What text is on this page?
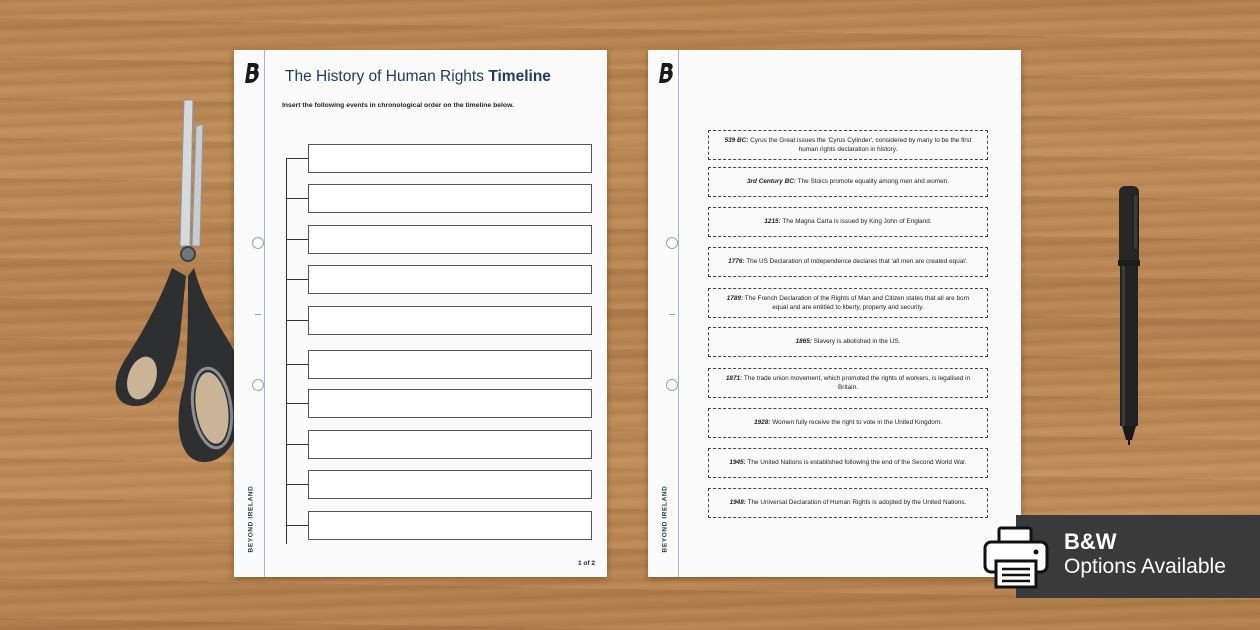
The History of Human Rights Timeline
Insert the following events in chronological order on the timeline below.
BEYOND IRELAND
1 of 2
539 BC: Cyrus the Great issues the 'Cyrus Cylinder', considered by many to be the first human rights declaration in history.
3rd Century BC: The Stoics promote equality among men and women.
1215: The Magna Carta is issued by King John of England.
1776: The US Declaration of Independence declares that 'all men are created equal'.
1789: The French Declaration of the Rights of Man and Citizen states that all are born equal and are entitled to liberty, property and security.
1865: Slavery is abolished in the US.
1871: The trade union movement, which promoted the rights of workers, is legalised in Britain.
1928: Women fully receive the right to vote in the United Kingdom.
1945: The United Nations is established following the end of the Second World War.
1948: The Universal Declaration of Human Rights is adopted by the United Nations.
BEYOND IRELAND	B&W
Options Available
